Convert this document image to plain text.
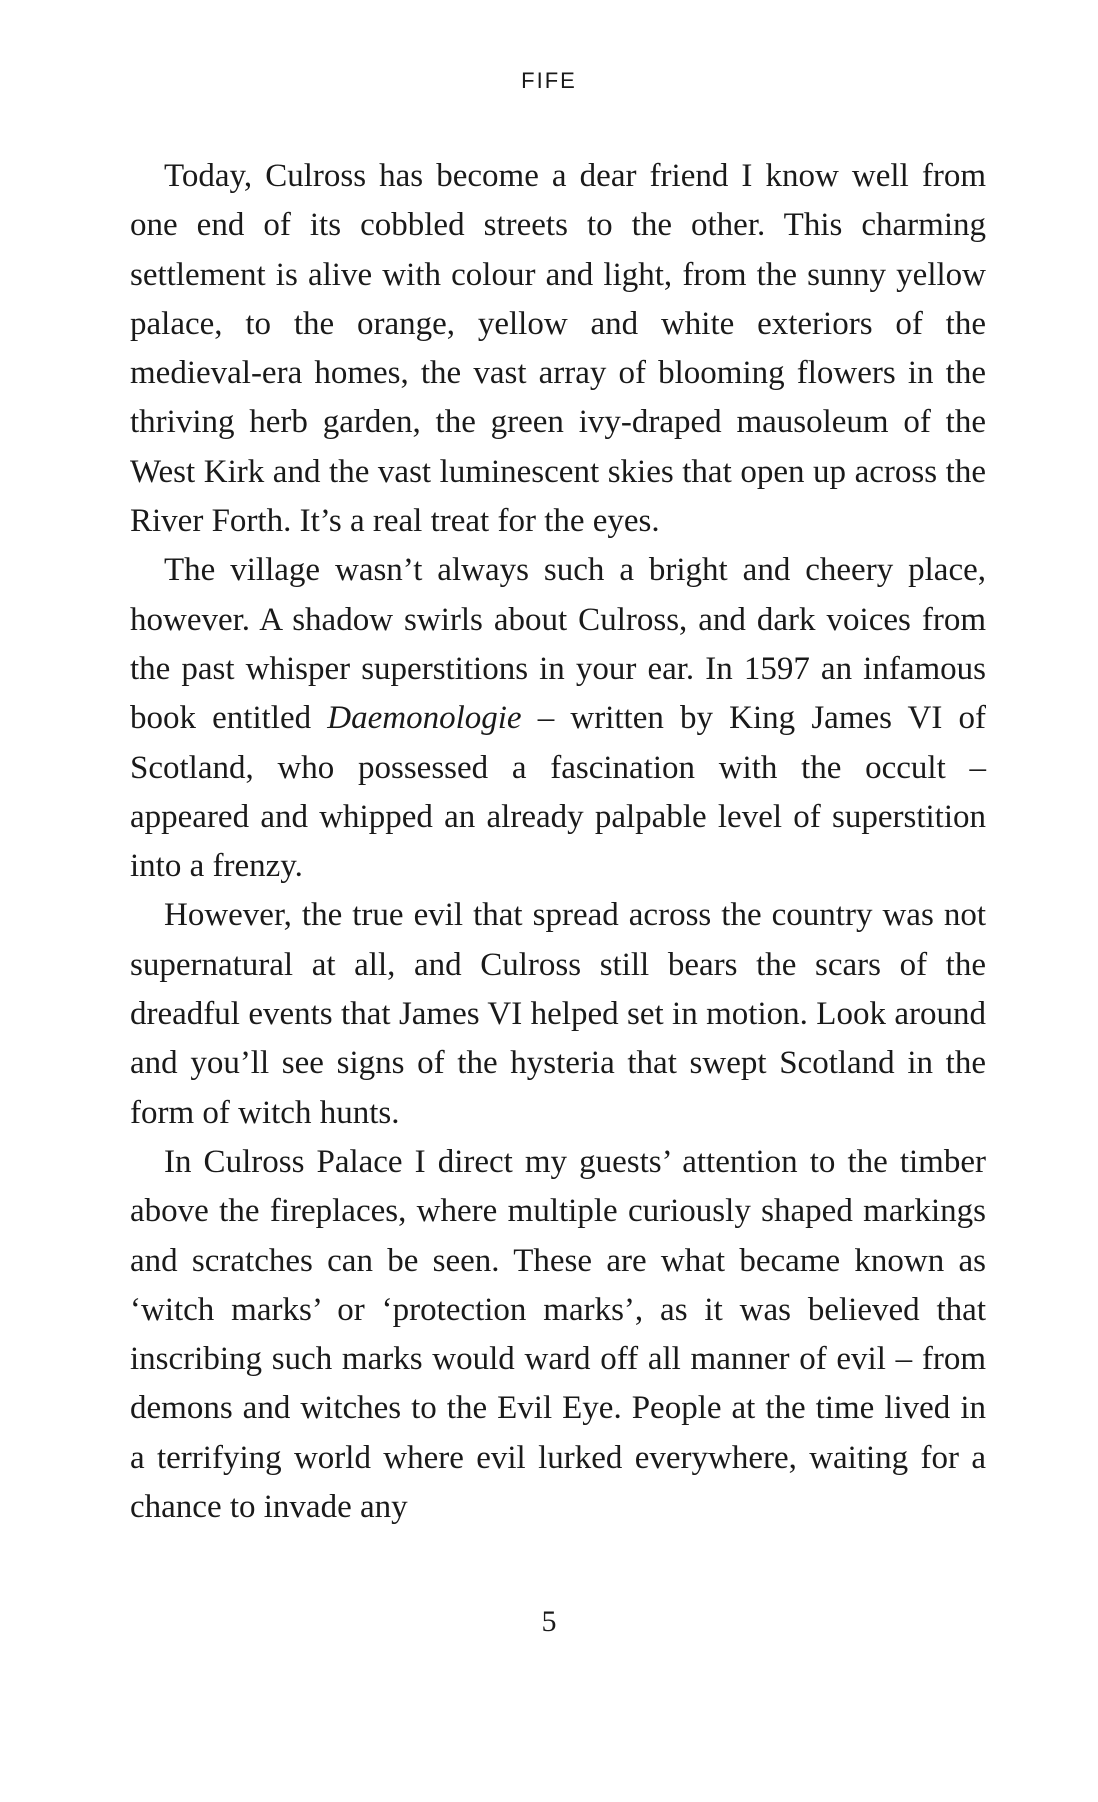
FIFE

Today, Culross has become a dear friend I know well from one end of its cobbled streets to the other. This charming settlement is alive with colour and light, from the sunny yellow palace, to the orange, yellow and white exteriors of the medieval-era homes, the vast array of blooming flowers in the thriving herb garden, the green ivy-draped mausoleum of the West Kirk and the vast luminescent skies that open up across the River Forth. It’s a real treat for the eyes.

The village wasn’t always such a bright and cheery place, however. A shadow swirls about Culross, and dark voices from the past whisper superstitions in your ear. In 1597 an infamous book entitled Daemonologie – written by King James VI of Scotland, who possessed a fascination with the occult – appeared and whipped an already palpable level of superstition into a frenzy.

However, the true evil that spread across the country was not supernatural at all, and Culross still bears the scars of the dreadful events that James VI helped set in motion. Look around and you’ll see signs of the hysteria that swept Scotland in the form of witch hunts.

In Culross Palace I direct my guests’ attention to the timber above the fireplaces, where multiple curiously shaped markings and scratches can be seen. These are what became known as ‘witch marks’ or ‘protection marks’, as it was believed that inscribing such marks would ward off all manner of evil – from demons and witches to the Evil Eye. People at the time lived in a terrifying world where evil lurked everywhere, waiting for a chance to invade any

5
